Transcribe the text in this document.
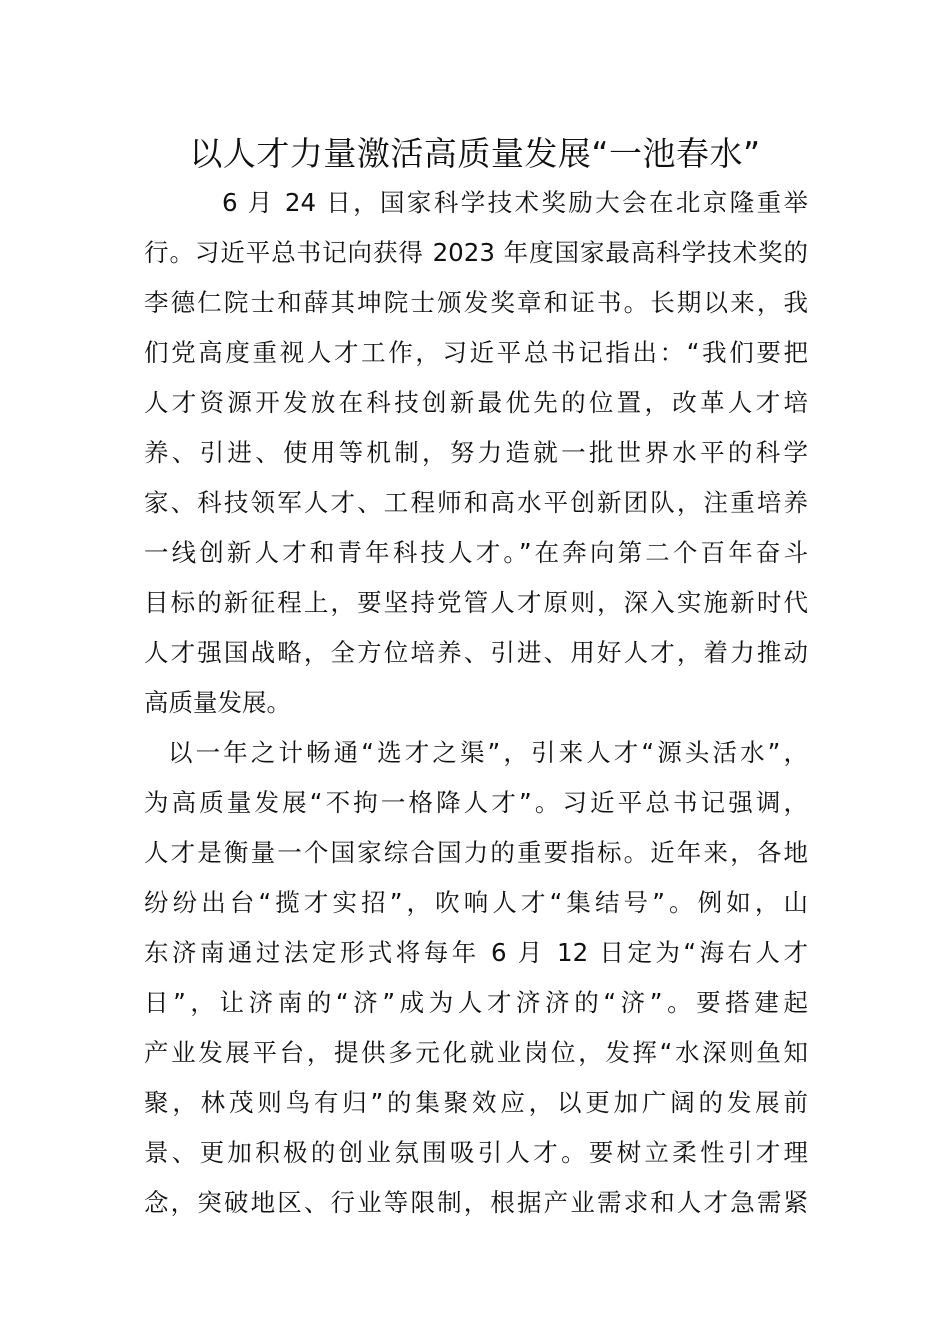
以人才力量激活高质量发展“一池春水”
6 月 24 日，国家科学技术奖励大会在北京隆重举
行。习近平总书记向获得 2023 年度国家最高科学技术奖的
李德仁院士和薛其坤院士颁发奖章和证书。长期以来，我
们党高度重视人才工作，习近平总书记指出：“我们要把
人才资源开发放在科技创新最优先的位置，改革人才培
养、引进、使用等机制，努力造就一批世界水平的科学
家、科技领军人才、工程师和高水平创新团队，注重培养
一线创新人才和青年科技人才。”在奔向第二个百年奋斗
目标的新征程上，要坚持党管人才原则，深入实施新时代
人才强国战略，全方位培养、引进、用好人才，着力推动
高质量发展。
以一年之计畅通“选才之渠”，引来人才“源头活水”，
为高质量发展“不拘一格降人才”。习近平总书记强调，
人才是衡量一个国家综合国力的重要指标。近年来，各地
纷纷出台“揽才实招”，吹响人才“集结号”。例如，山
东济南通过法定形式将每年 6 月 12 日定为“海右人才
日”，让济南的“济”成为人才济济的“济”。要搭建起
产业发展平台，提供多元化就业岗位，发挥“水深则鱼知
聚，林茂则鸟有归”的集聚效应，以更加广阔的发展前
景、更加积极的创业氛围吸引人才。要树立柔性引才理
念，突破地区、行业等限制，根据产业需求和人才急需紧
